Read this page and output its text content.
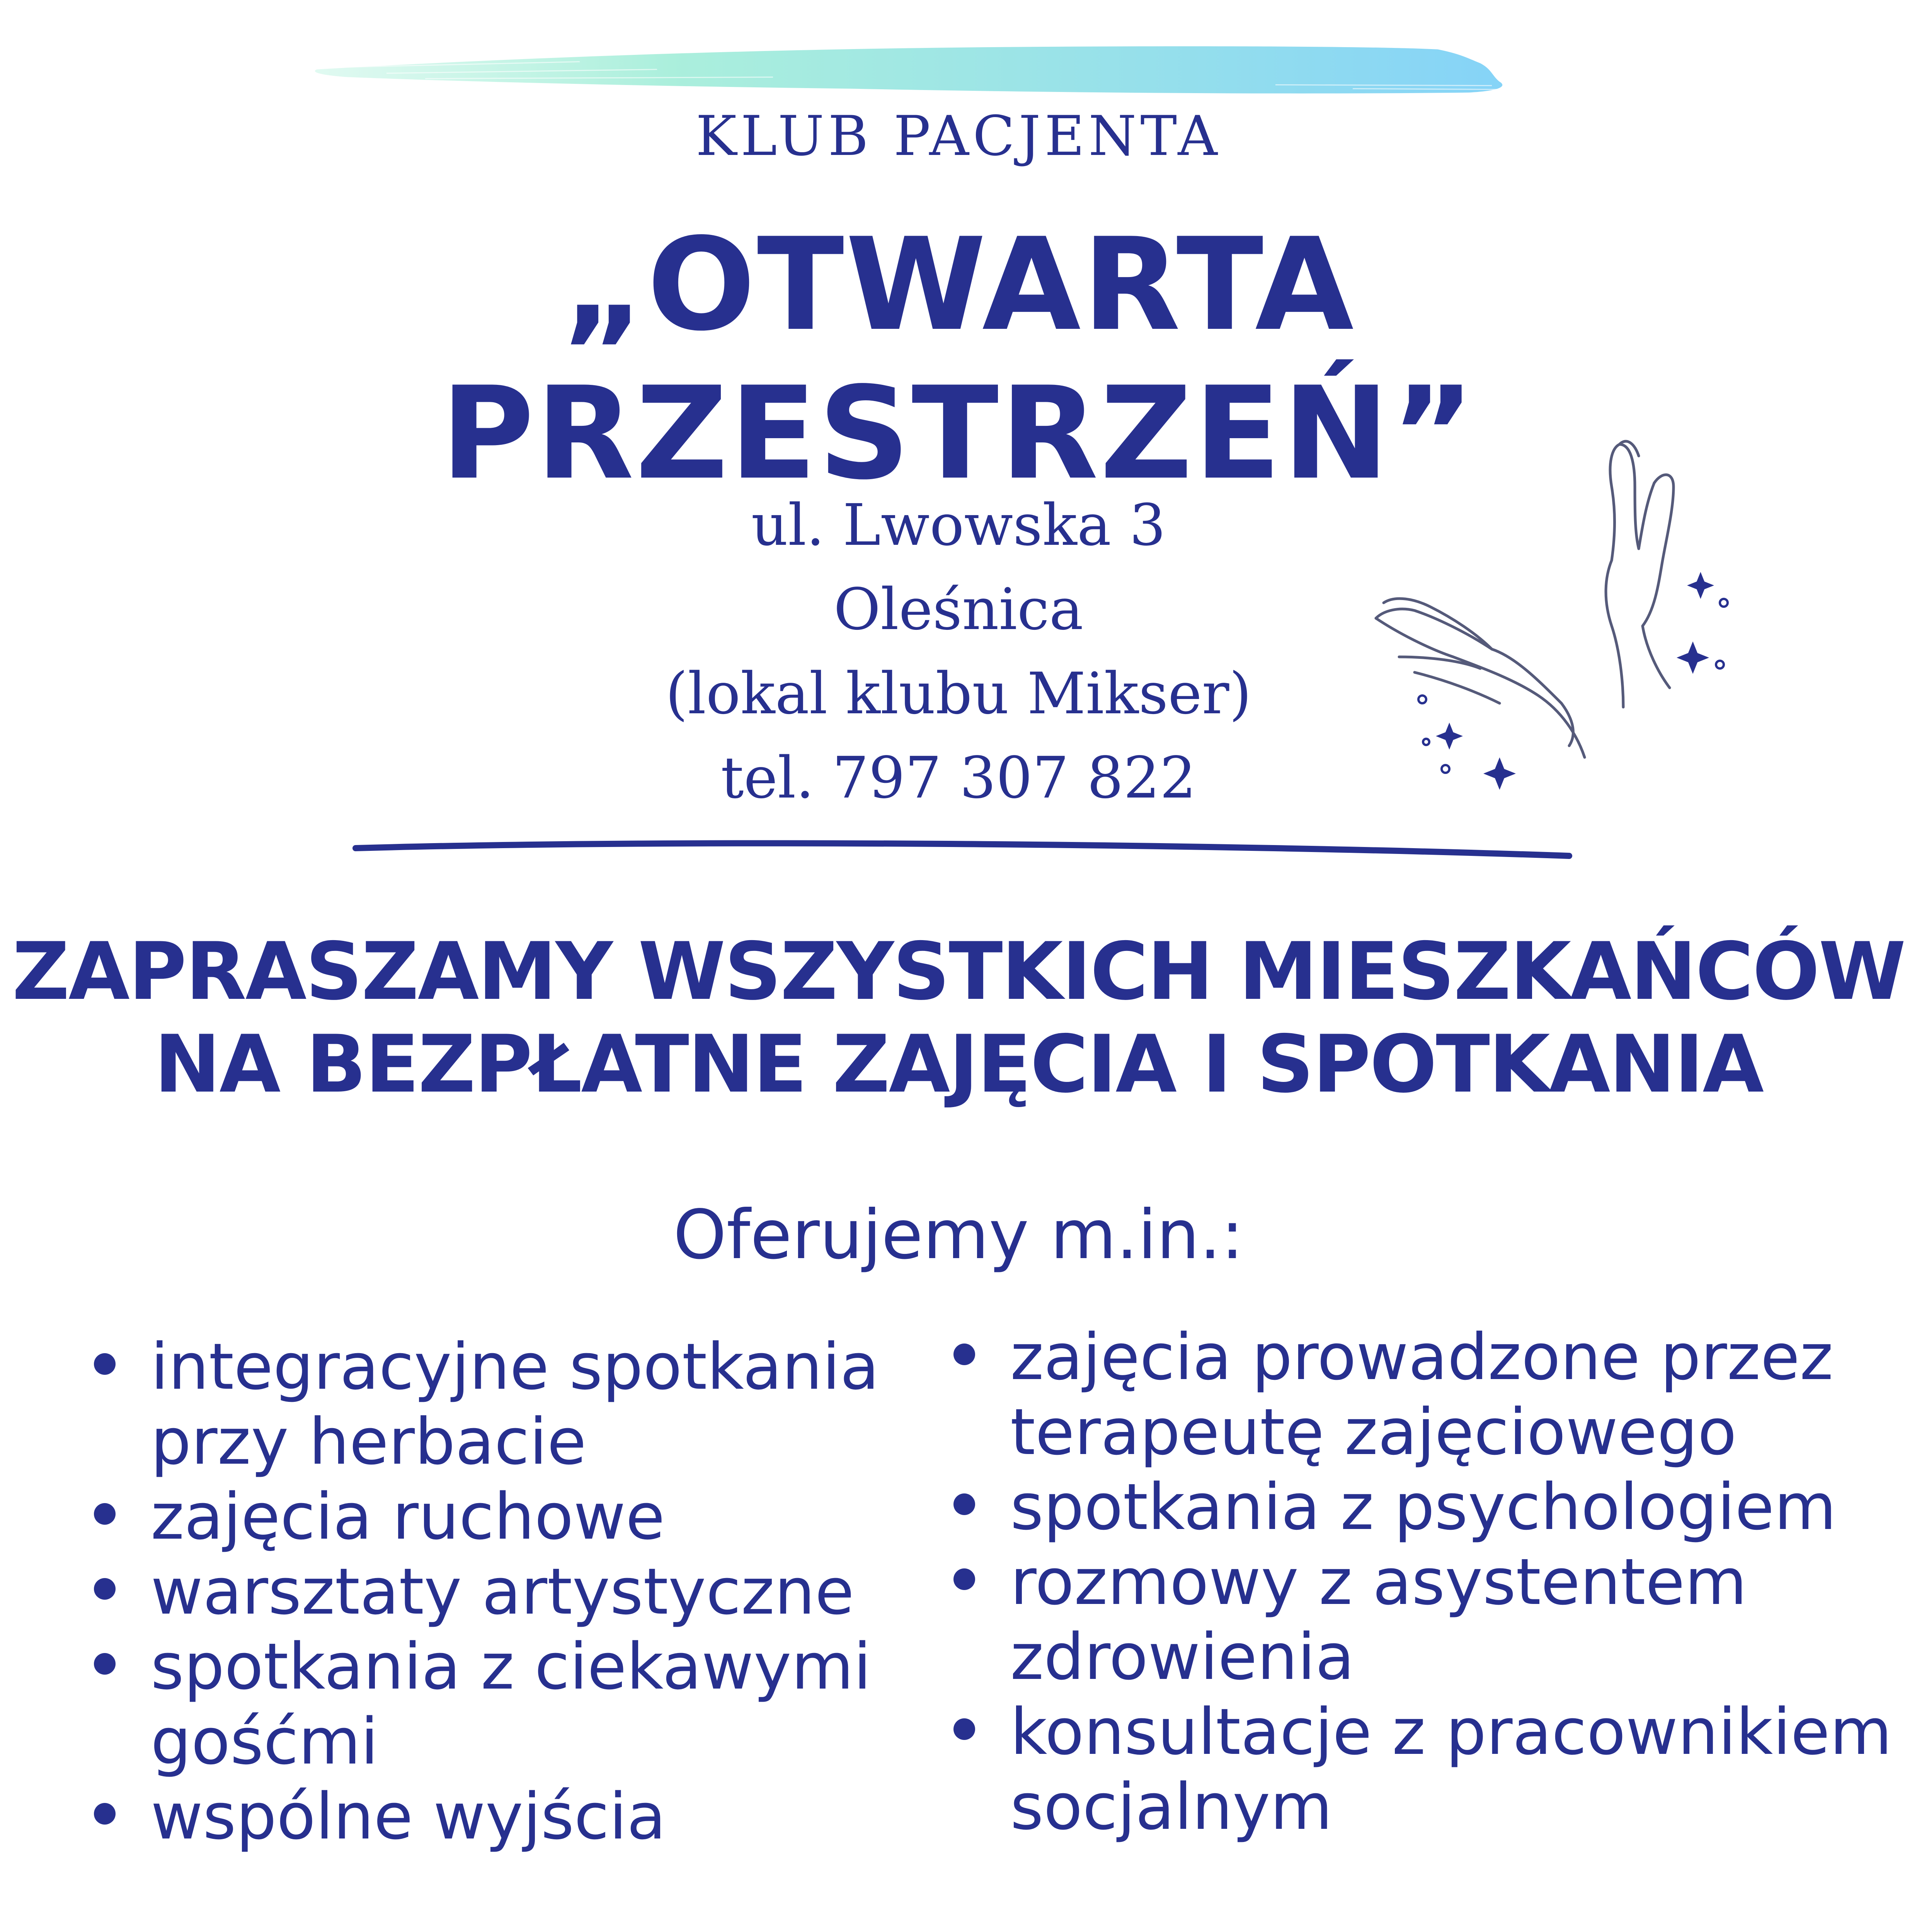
KLUB PACJENTA
„OTWARTA
PRZESTRZEŃ”
ul. Lwowska 3
Oleśnica
(lokal klubu Mikser)
tel. 797 307 822
ZAPRASZAMY WSZYSTKICH MIESZKAŃCÓW
NA BEZPŁATNE ZAJĘCIA I SPOTKANIA
Oferujemy m.in.:
integracyjne spotkania
przy herbacie
zajęcia ruchowe
warsztaty artystyczne
spotkania z ciekawymi
gośćmi
wspólne wyjścia
zajęcia prowadzone przez
terapeutę zajęciowego
spotkania z psychologiem
rozmowy z asystentem
zdrowienia
konsultacje z pracownikiem
socjalnym
